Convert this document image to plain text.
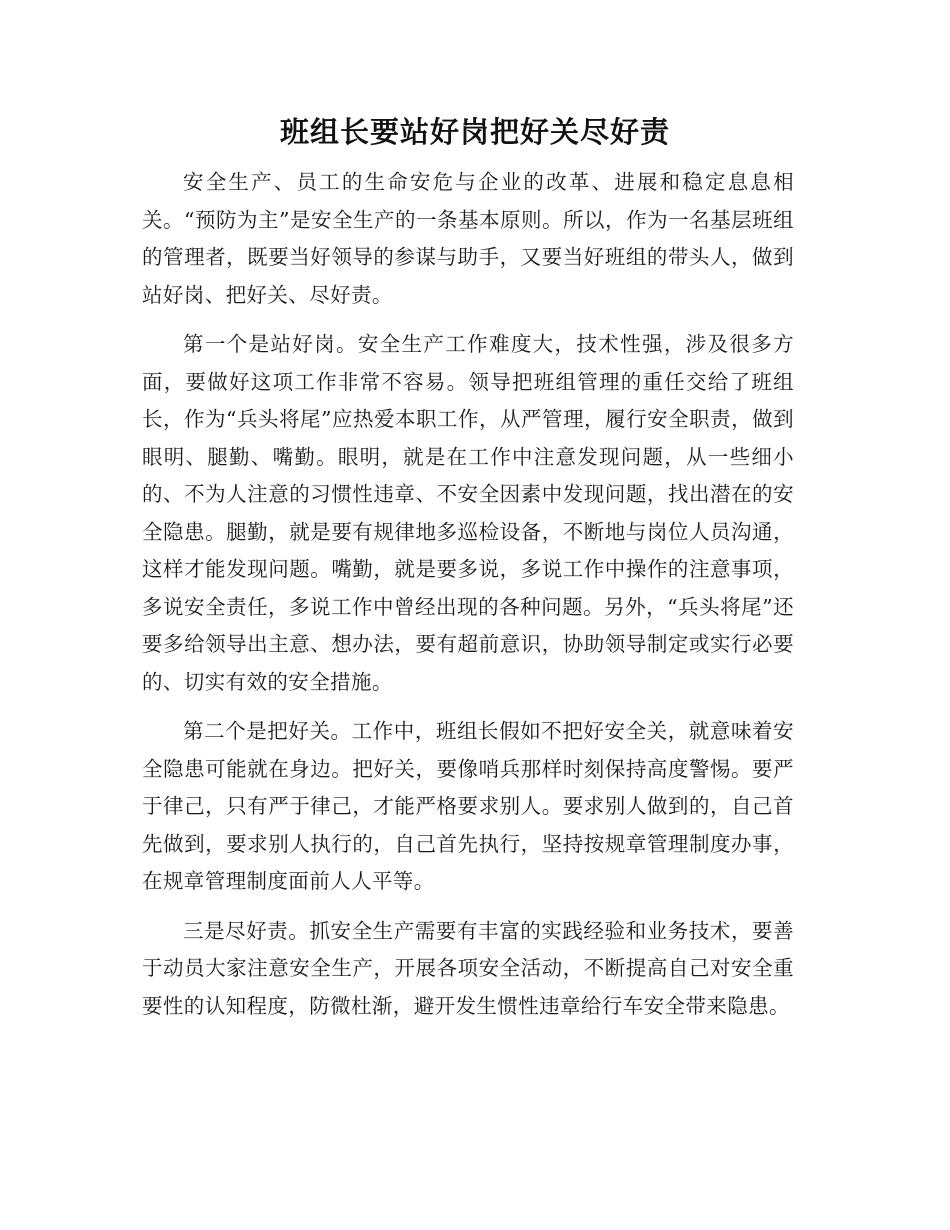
班组长要站好岗把好关尽好责

安全生产、员工的生命安危与企业的改革、进展和稳定息息相关。“预防为主”是安全生产的一条基本原则。所以，作为一名基层班组的管理者，既要当好领导的参谋与助手，又要当好班组的带头人，做到站好岗、把好关、尽好责。

第一个是站好岗。安全生产工作难度大，技术性强，涉及很多方面，要做好这项工作非常不容易。领导把班组管理的重任交给了班组长，作为“兵头将尾”应热爱本职工作，从严管理，履行安全职责，做到眼明、腿勤、嘴勤。眼明，就是在工作中注意发现问题，从一些细小的、不为人注意的习惯性违章、不安全因素中发现问题，找出潜在的安全隐患。腿勤，就是要有规律地多巡检设备，不断地与岗位人员沟通，这样才能发现问题。嘴勤，就是要多说，多说工作中操作的注意事项，多说安全责任，多说工作中曾经出现的各种问题。另外，“兵头将尾”还要多给领导出主意、想办法，要有超前意识，协助领导制定或实行必要的、切实有效的安全措施。

第二个是把好关。工作中，班组长假如不把好安全关，就意味着安全隐患可能就在身边。把好关，要像哨兵那样时刻保持高度警惕。要严于律己，只有严于律己，才能严格要求别人。要求别人做到的，自己首先做到，要求别人执行的，自己首先执行，坚持按规章管理制度办事，在规章管理制度面前人人平等。

三是尽好责。抓安全生产需要有丰富的实践经验和业务技术，要善于动员大家注意安全生产，开展各项安全活动，不断提高自己对安全重要性的认知程度，防微杜渐，避开发生惯性违章给行车安全带来隐患。
